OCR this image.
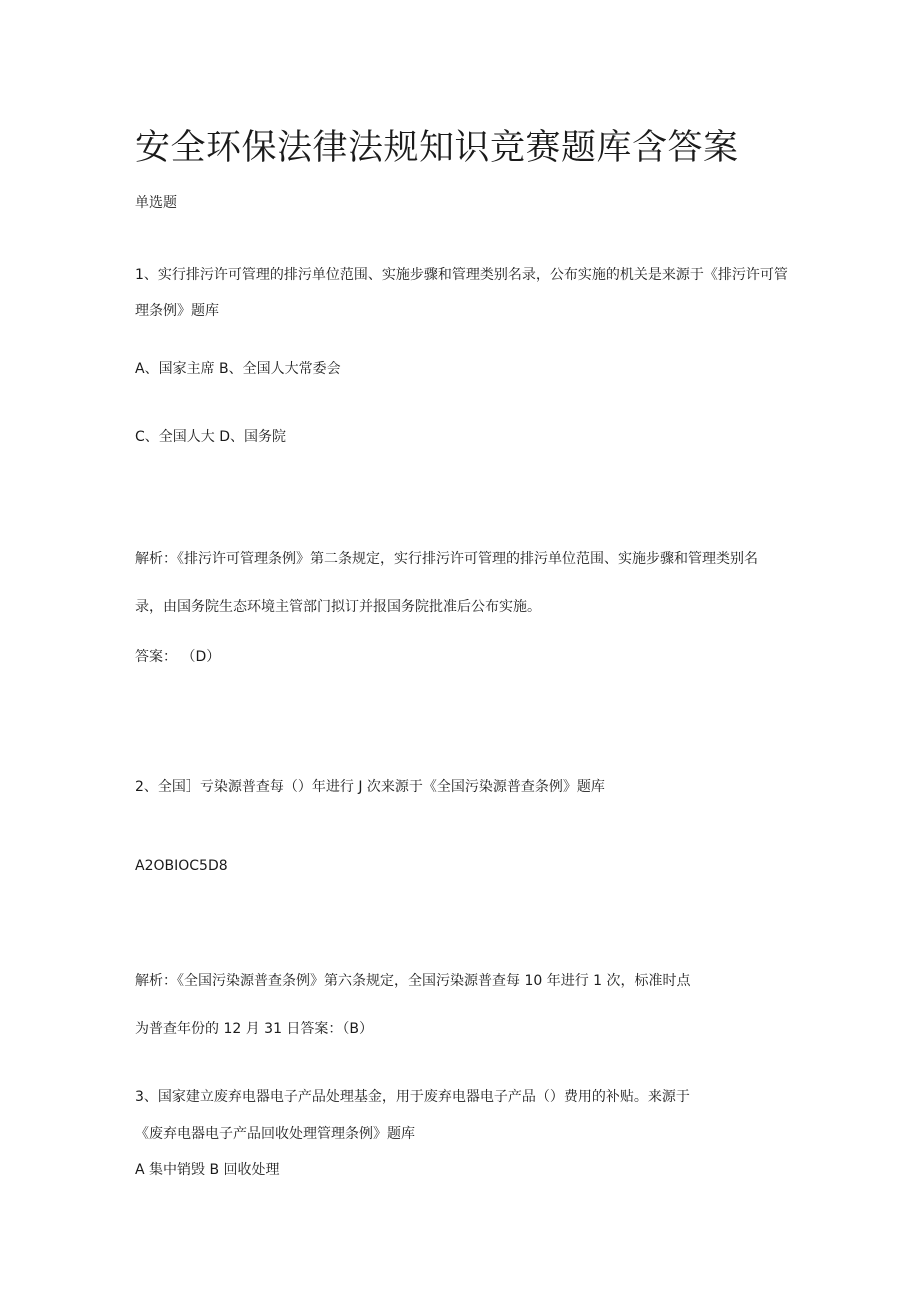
安全环保法律法规知识竞赛题库含答案
单选题
1、实行排污许可管理的排污单位范围、实施步骤和管理类别名录，公布实施的机关是来源于《排污许可管
理条例》题库
A、国家主席 B、全国人大常委会
C、全国人大 D、国务院
解析：《排污许可管理条例》第二条规定，实行排污许可管理的排污单位范围、实施步骤和管理类别名
录，由国务院生态环境主管部门拟订并报国务院批准后公布实施。
答案： （D）
2、全国］亏染源普查每（）年进行 J 次来源于《全国污染源普查条例》题库
A2OBIOC5D8
解析：《全国污染源普查条例》第六条规定，全国污染源普查每 10 年进行 1 次，标准时点
为普查年份的 12 月 31 日答案：（B）
3、国家建立废弃电器电子产品处理基金，用于废弃电器电子产品（）费用的补贴。来源于
《废弃电器电子产品回收处理管理条例》题库
A 集中销毁 B 回收处理
